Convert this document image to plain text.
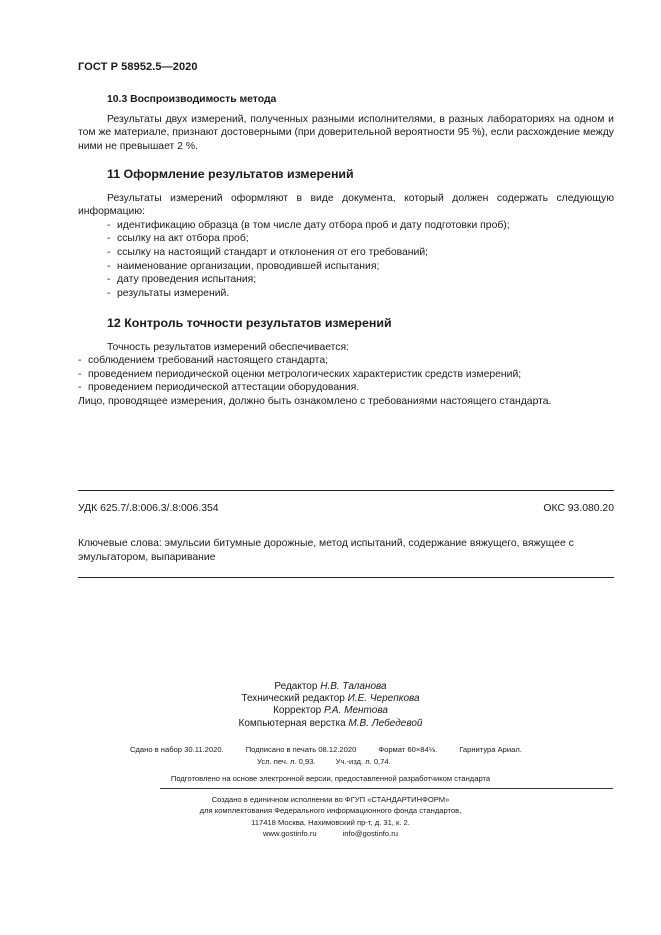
ГОСТ Р 58952.5—2020

10.3 Воспроизводимость метода

Результаты двух измерений, полученных разными исполнителями, в разных лабораториях на одном и том же материале, признают достоверными (при доверительной вероятности 95 %), если расхождение между ними не превышает 2 %.

11 Оформление результатов измерений

Результаты измерений оформляют в виде документа, который должен содержать следующую информацию:

- идентификацию образца (в том числе дату отбора проб и дату подготовки проб);
- ссылку на акт отбора проб;
- ссылку на настоящий стандарт и отклонения от его требований;
- наименование организации, проводившей испытания;
- дату проведения испытания;
- результаты измерений.

12 Контроль точности результатов измерений

Точность результатов измерений обеспечивается:

- соблюдением требований настоящего стандарта;
- проведением периодической оценки метрологических характеристик средств измерений;
- проведением периодической аттестации оборудования.

Лицо, проводящее измерения, должно быть ознакомлено с требованиями настоящего стандарта.

УДК 625.7/.8:006.3/.8:006.354	ОКС 93.080.20
Ключевые слова: эмульсии битумные дорожные, метод испытаний, содержание вяжущего, вяжущее с эмульгатором, выпаривание
Редактор Н.В. Таланова
Технический редактор И.Е. Черепкова
Корректор Р.А. Ментова
Компьютерная верстка М.В. Лебедевой
Сдано в набор 30.11.2020.	Подписано в печать 08.12.2020	Формат 60×84⅛.	Гарнитура Ариал.
Усл. печ. л. 0,93.	Уч.-изд. л. 0,74.
Подготовлено на основе электронной версии, предоставленной разработчиком стандарта
Создано в единичном исполнении во ФГУП «СТАНДАРТИНФОРМ»
для комплектования Федерального информационного фонда стандартов,
117418 Москва, Нахимовский пр-т, д. 31, к. 2.
www.gostinfo.ru	info@gostinfo.ru
